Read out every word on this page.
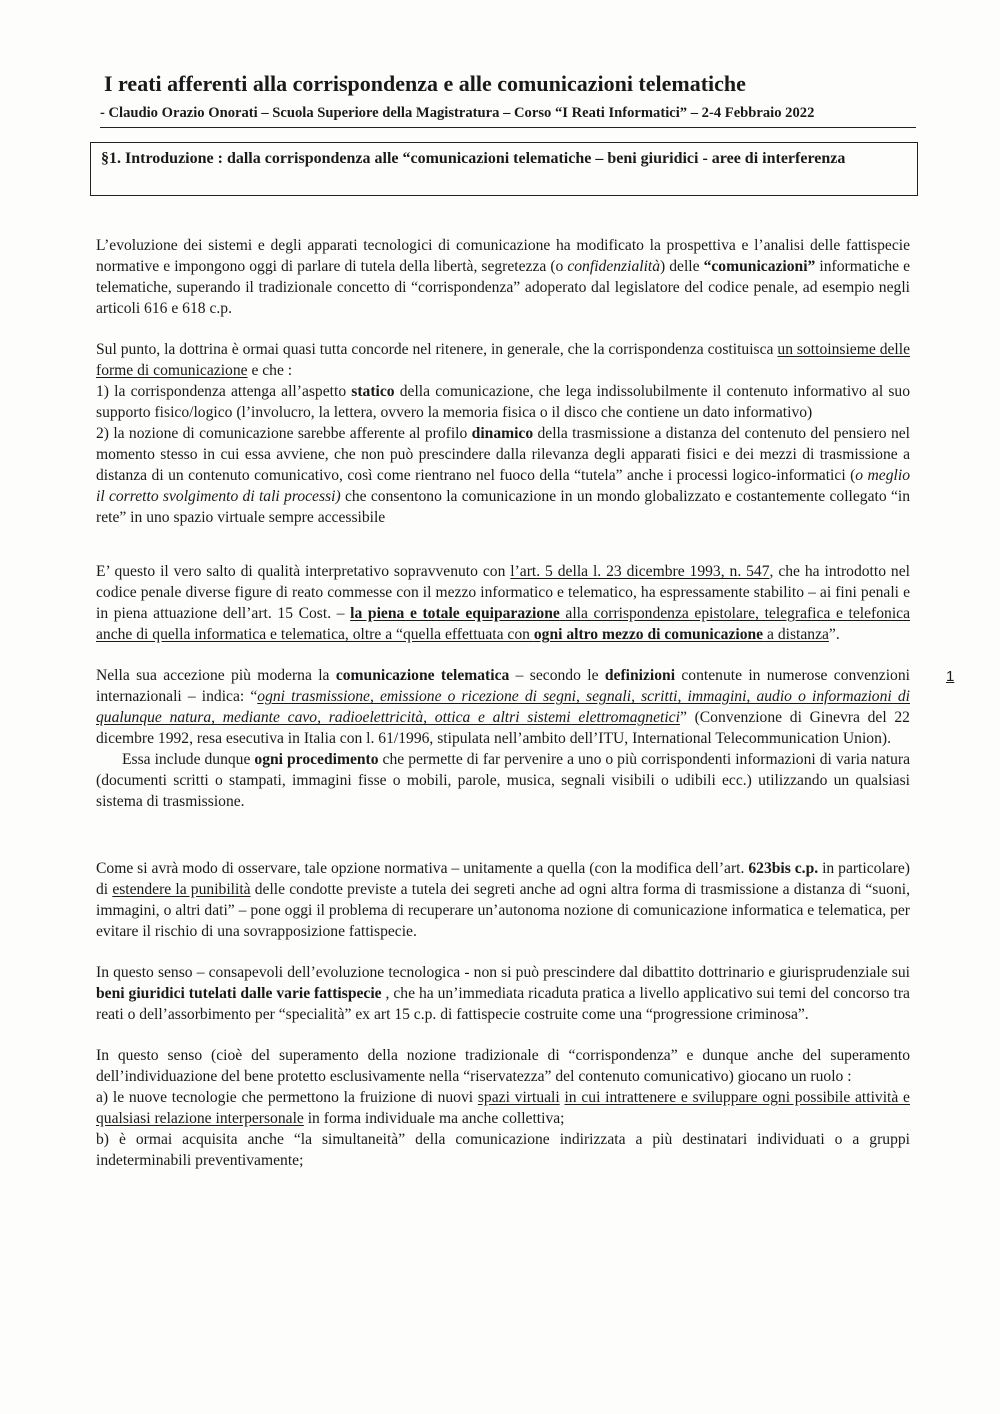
I reati afferenti alla corrispondenza e alle comunicazioni telematiche
- Claudio Orazio Onorati – Scuola Superiore della Magistratura – Corso “I Reati Informatici” – 2-4 Febbraio 2022
§1. Introduzione : dalla corrispondenza alle “comunicazioni telematiche – beni giuridici - aree di interferenza

L’evoluzione dei sistemi e degli apparati tecnologici di comunicazione ha modificato la prospettiva e l’analisi delle fattispecie normative e impongono oggi di parlare di tutela della libertà, segretezza (o confidenzialità) delle “comunicazioni” informatiche e telematiche, superando il tradizionale concetto di “corrispondenza” adoperato dal legislatore del codice penale, ad esempio negli articoli 616 e 618 c.p.

Sul punto, la dottrina è ormai quasi tutta concorde nel ritenere, in generale, che la corrispondenza costituisca un sottoinsieme delle forme di comunicazione e che :

1) la corrispondenza attenga all’aspetto statico della comunicazione, che lega indissolubilmente il contenuto informativo al suo supporto fisico/logico (l’involucro, la lettera, ovvero la memoria fisica o il disco che contiene un dato informativo)

2) la nozione di comunicazione sarebbe afferente al profilo dinamico della trasmissione a distanza del contenuto del pensiero nel momento stesso in cui essa avviene, che non può prescindere dalla rilevanza degli apparati fisici e dei mezzi di trasmissione a distanza di un contenuto comunicativo, così come rientrano nel fuoco della “tutela” anche i processi logico-informatici (o meglio il corretto svolgimento di tali processi) che consentono la comunicazione in un mondo globalizzato e costantemente collegato “in rete” in uno spazio virtuale sempre accessibile

E’ questo il vero salto di qualità interpretativo sopravvenuto con l’art. 5 della l. 23 dicembre 1993, n. 547, che ha introdotto nel codice penale diverse figure di reato commesse con il mezzo informatico e telematico, ha espressamente stabilito – ai fini penali e in piena attuazione dell’art. 15 Cost. – la piena e totale equiparazione alla corrispondenza epistolare, telegrafica e telefonica anche di quella informatica e telematica, oltre a “quella effettuata con ogni altro mezzo di comunicazione a distanza”.

Nella sua accezione più moderna la comunicazione telematica – secondo le definizioni contenute in numerose convenzioni internazionali – indica: “ogni trasmissione, emissione o ricezione di segni, segnali, scritti, immagini, audio o informazioni di qualunque natura, mediante cavo, radioelettricità, ottica e altri sistemi elettromagnetici” (Convenzione di Ginevra del 22 dicembre 1992, resa esecutiva in Italia con l. 61/1996, stipulata nell’ambito dell’ITU, International Telecommunication Union).

Essa include dunque ogni procedimento che permette di far pervenire a uno o più corrispondenti informazioni di varia natura (documenti scritti o stampati, immagini fisse o mobili, parole, musica, segnali visibili o udibili ecc.) utilizzando un qualsiasi sistema di trasmissione.

Come si avrà modo di osservare, tale opzione normativa – unitamente a quella (con la modifica dell’art. 623bis c.p. in particolare) di estendere la punibilità delle condotte previste a tutela dei segreti anche ad ogni altra forma di trasmissione a distanza di “suoni, immagini, o altri dati” – pone oggi il problema di recuperare un’autonoma nozione di comunicazione informatica e telematica, per evitare il rischio di una sovrapposizione fattispecie.

In questo senso – consapevoli dell’evoluzione tecnologica - non si può prescindere dal dibattito dottrinario e giurisprudenziale sui beni giuridici tutelati dalle varie fattispecie , che ha un’immediata ricaduta pratica a livello applicativo sui temi del concorso tra reati o dell’assorbimento per “specialità” ex art 15 c.p. di fattispecie costruite come una “progressione criminosa”.

In questo senso (cioè del superamento della nozione tradizionale di “corrispondenza” e dunque anche del superamento dell’individuazione del bene protetto esclusivamente nella “riservatezza” del contenuto comunicativo) giocano un ruolo :

a) le nuove tecnologie che permettono la fruizione di nuovi spazi virtuali in cui intrattenere e sviluppare ogni possibile attività e qualsiasi relazione interpersonale in forma individuale ma anche collettiva;

b) è ormai acquisita anche “la simultaneità” della comunicazione indirizzata a più destinatari individuati o a gruppi indeterminabili preventivamente;

1
